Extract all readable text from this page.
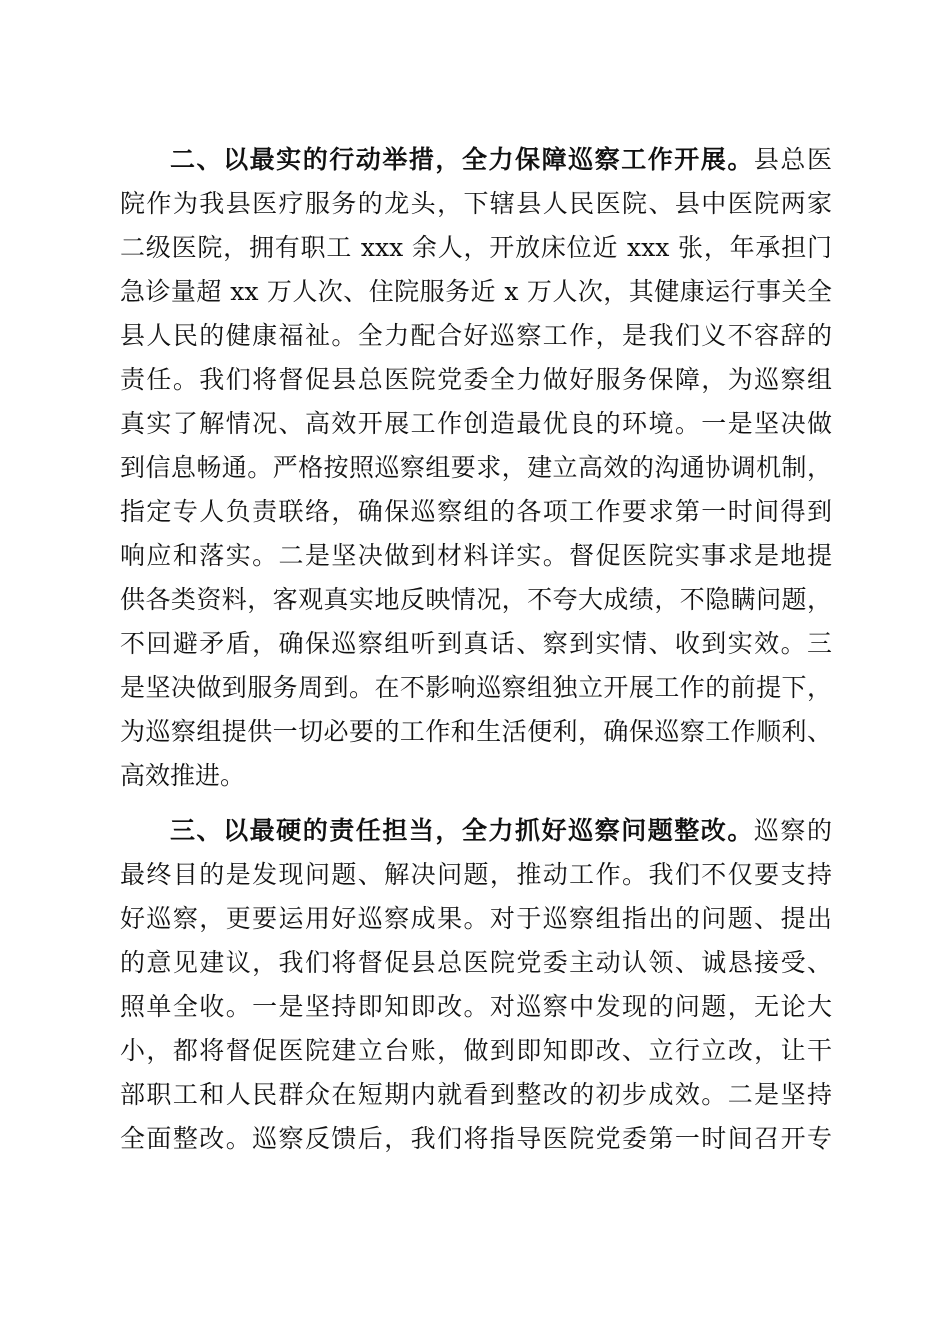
二、以最实的行动举措，全力保障巡察工作开展。县总医
院作为我县医疗服务的龙头，下辖县人民医院、县中医院两家
二级医院，拥有职工 xxx 余人，开放床位近 xxx 张，年承担门
急诊量超 xx 万人次、住院服务近 x 万人次，其健康运行事关全
县人民的健康福祉。全力配合好巡察工作，是我们义不容辞的
责任。我们将督促县总医院党委全力做好服务保障，为巡察组
真实了解情况、高效开展工作创造最优良的环境。一是坚决做
到信息畅通。严格按照巡察组要求，建立高效的沟通协调机制，
指定专人负责联络，确保巡察组的各项工作要求第一时间得到
响应和落实。二是坚决做到材料详实。督促医院实事求是地提
供各类资料，客观真实地反映情况，不夸大成绩，不隐瞒问题，
不回避矛盾，确保巡察组听到真话、察到实情、收到实效。三
是坚决做到服务周到。在不影响巡察组独立开展工作的前提下，
为巡察组提供一切必要的工作和生活便利，确保巡察工作顺利、
高效推进。
三、以最硬的责任担当，全力抓好巡察问题整改。巡察的
最终目的是发现问题、解决问题，推动工作。我们不仅要支持
好巡察，更要运用好巡察成果。对于巡察组指出的问题、提出
的意见建议，我们将督促县总医院党委主动认领、诚恳接受、
照单全收。一是坚持即知即改。对巡察中发现的问题，无论大
小，都将督促医院建立台账，做到即知即改、立行立改，让干
部职工和人民群众在短期内就看到整改的初步成效。二是坚持
全面整改。巡察反馈后，我们将指导医院党委第一时间召开专
